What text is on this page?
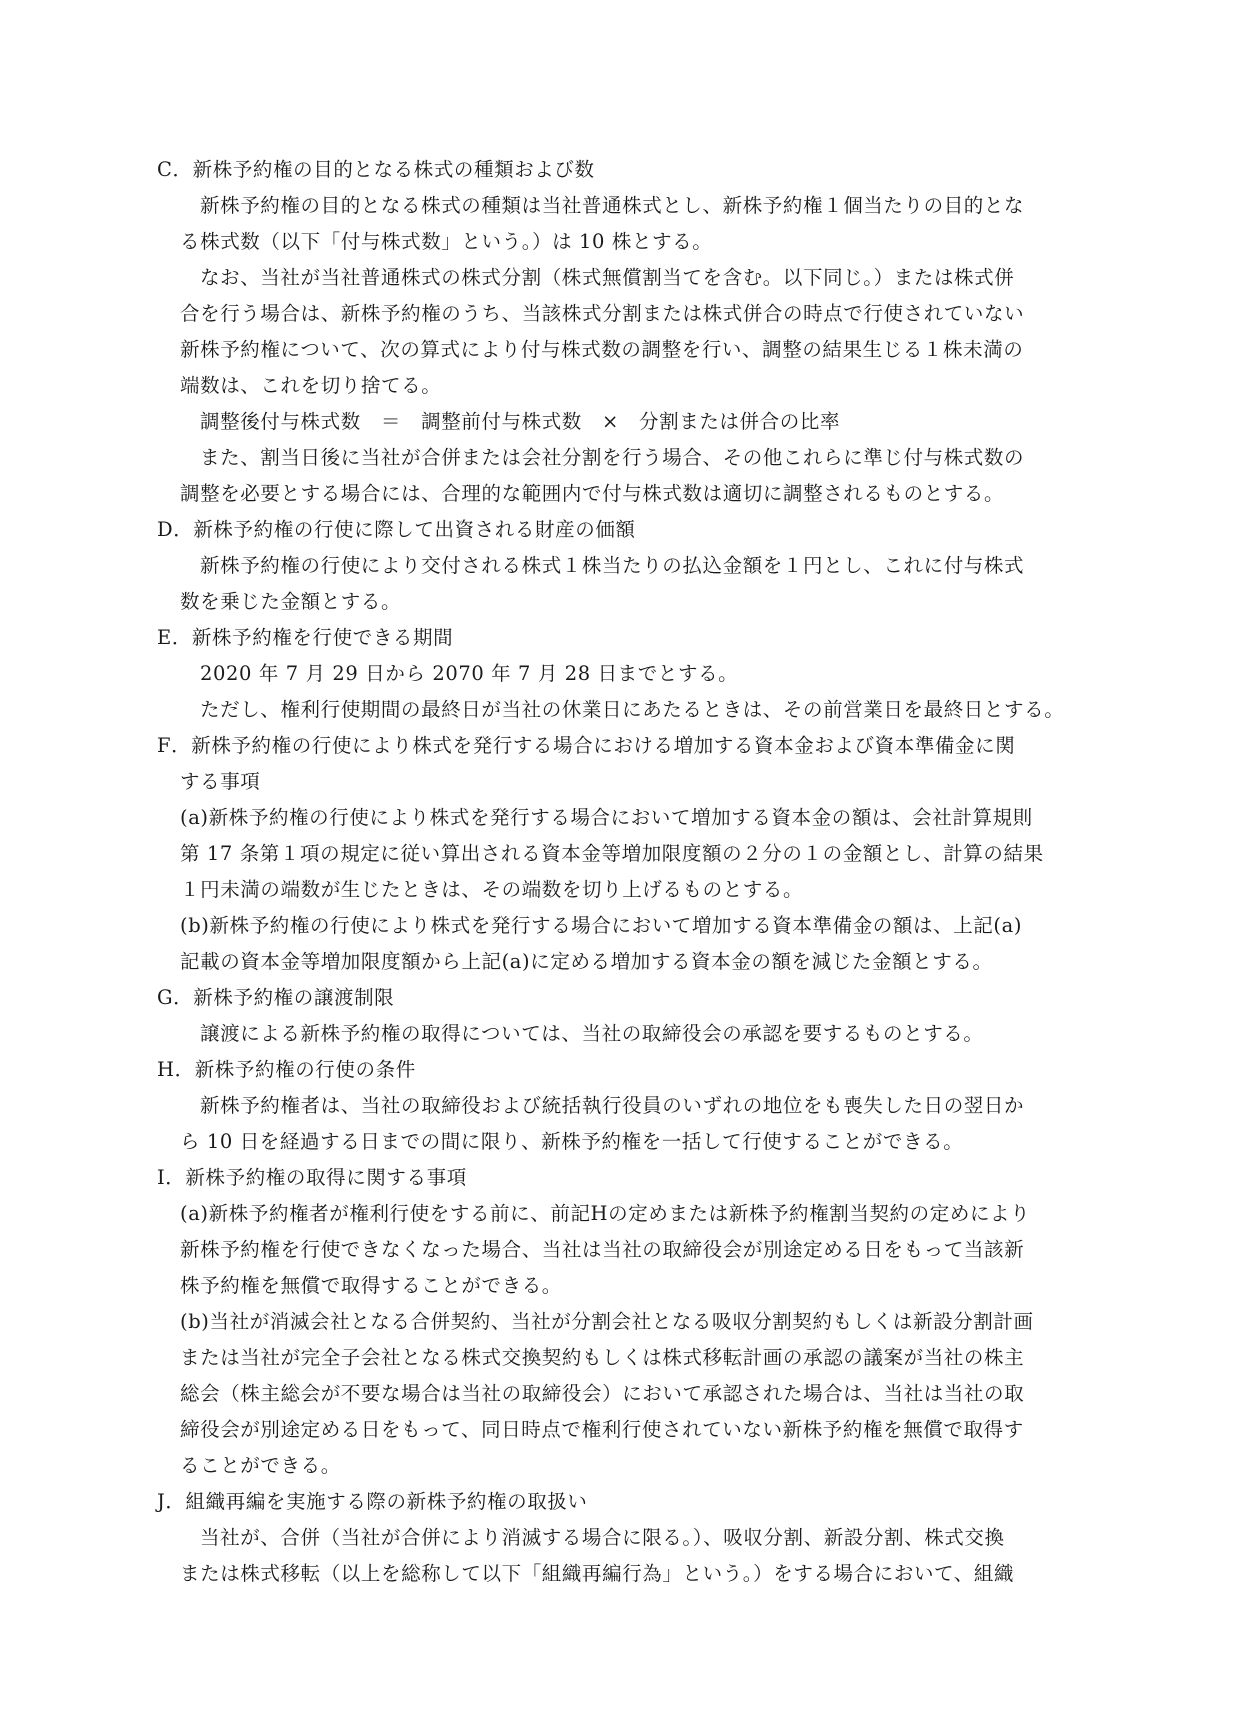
C．新株予約権の目的となる株式の種類および数
新株予約権の目的となる株式の種類は当社普通株式とし、新株予約権１個当たりの目的とな
る株式数（以下「付与株式数」という。）は 10 株とする。
なお、当社が当社普通株式の株式分割（株式無償割当てを含む。以下同じ。）または株式併
合を行う場合は、新株予約権のうち、当該株式分割または株式併合の時点で行使されていない
新株予約権について、次の算式により付与株式数の調整を行い、調整の結果生じる１株未満の
端数は、これを切り捨てる。
調整後付与株式数　＝　調整前付与株式数　×　分割または併合の比率
また、割当日後に当社が合併または会社分割を行う場合、その他これらに準じ付与株式数の
調整を必要とする場合には、合理的な範囲内で付与株式数は適切に調整されるものとする。
D．新株予約権の行使に際して出資される財産の価額
新株予約権の行使により交付される株式１株当たりの払込金額を１円とし、これに付与株式
数を乗じた金額とする。
E．新株予約権を行使できる期間
2020 年 7 月 29 日から 2070 年 7 月 28 日までとする。
ただし、権利行使期間の最終日が当社の休業日にあたるときは、その前営業日を最終日とする。
F．新株予約権の行使により株式を発行する場合における増加する資本金および資本準備金に関
する事項
(a)新株予約権の行使により株式を発行する場合において増加する資本金の額は、会社計算規則
第 17 条第１項の規定に従い算出される資本金等増加限度額の２分の１の金額とし、計算の結果
１円未満の端数が生じたときは、その端数を切り上げるものとする。
(b)新株予約権の行使により株式を発行する場合において増加する資本準備金の額は、上記(a)
記載の資本金等増加限度額から上記(a)に定める増加する資本金の額を減じた金額とする。
G．新株予約権の譲渡制限
譲渡による新株予約権の取得については、当社の取締役会の承認を要するものとする。
H．新株予約権の行使の条件
新株予約権者は、当社の取締役および統括執行役員のいずれの地位をも喪失した日の翌日か
ら 10 日を経過する日までの間に限り、新株予約権を一括して行使することができる。
I．新株予約権の取得に関する事項
(a)新株予約権者が権利行使をする前に、前記Hの定めまたは新株予約権割当契約の定めにより
新株予約権を行使できなくなった場合、当社は当社の取締役会が別途定める日をもって当該新
株予約権を無償で取得することができる。
(b)当社が消滅会社となる合併契約、当社が分割会社となる吸収分割契約もしくは新設分割計画
または当社が完全子会社となる株式交換契約もしくは株式移転計画の承認の議案が当社の株主
総会（株主総会が不要な場合は当社の取締役会）において承認された場合は、当社は当社の取
締役会が別途定める日をもって、同日時点で権利行使されていない新株予約権を無償で取得す
ることができる。
J．組織再編を実施する際の新株予約権の取扱い
当社が、合併（当社が合併により消滅する場合に限る。）、吸収分割、新設分割、株式交換
または株式移転（以上を総称して以下「組織再編行為」という。）をする場合において、組織
